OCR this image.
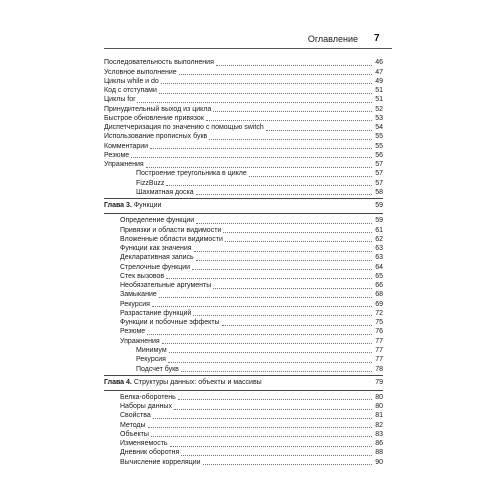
Оглавление 7
Последовательность выполнения	46
Условное выполнение	47
Циклы while и do	49
Код с отступами	51
Циклы for	51
Принудительный выход из цикла	52
Быстрое обновление привязок	53
Диспетчеризация по значению с помощью switch	54
Использование прописных букв	55
Комментарии	55
Резюме	56
Упражнения	57
Построение треугольника в цикле	57
FizzBuzz	57
Шахматная доска	58
Глава 3. Функции	59
Определение функции	59
Привязки и области видимости	61
Вложенные области видимости	62
Функции как значения	63
Декларативная запись	63
Стрелочные функции	64
Стек вызовов	65
Необязательные аргументы	66
Замыкание	68
Рекурсия	69
Разрастание функций	72
Функции и побочные эффекты	75
Резюме	76
Упражнения	77
Минимум	77
Рекурсия	77
Подсчет букв	78
Глава 4. Структуры данных: объекты и массивы	79
Белка-оборотень	80
Наборы данных	80
Свойства	81
Методы	82
Объекты	83
Изменяемость	86
Дневник оборотня	88
Вычисление корреляции	90
